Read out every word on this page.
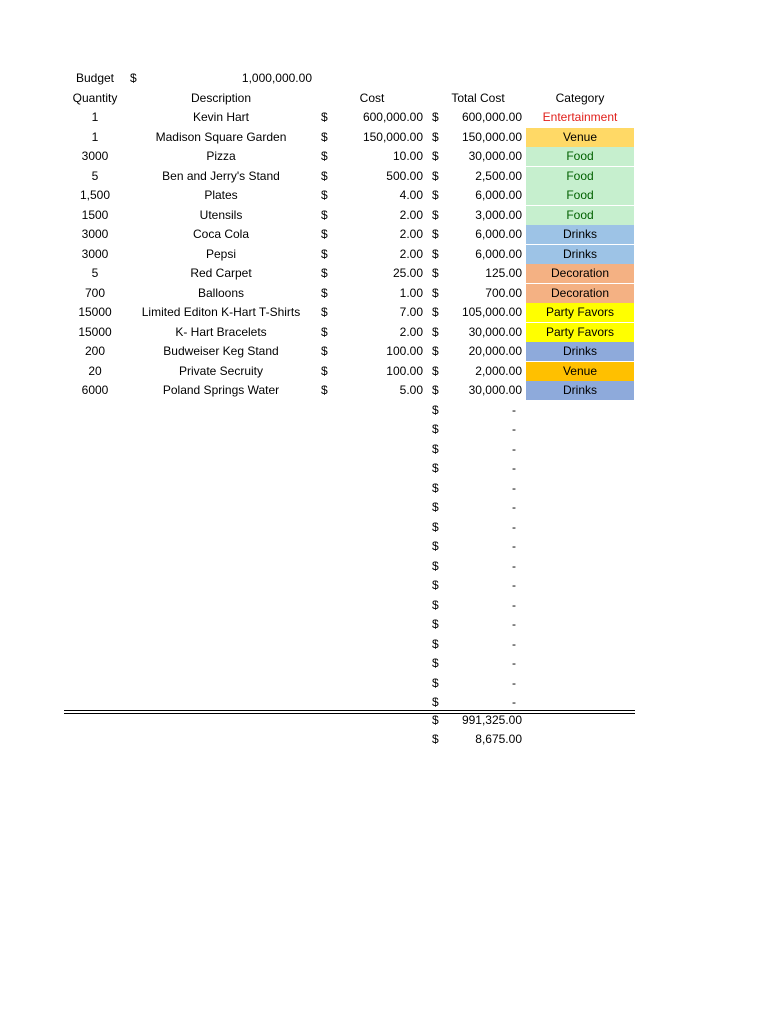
Budget	$	1,000,000.00
Quantity	Description	Cost	Total Cost	Category
1	Kevin Hart	$	600,000.00 $	600,000.00	Entertainment
1	Madison Square Garden	$	150,000.00 $	150,000.00	Venue
3000	Pizza	$	10.00 $	30,000.00	Food
5	Ben and Jerry's Stand	$	500.00 $	2,500.00	Food
1,500	Plates	$	4.00 $	6,000.00	Food
1500	Utensils	$	2.00 $	3,000.00	Food
3000	Coca Cola	$	2.00 $	6,000.00	Drinks
3000	Pepsi	$	2.00 $	6,000.00	Drinks
5	Red Carpet	$	25.00 $	125.00	Decoration
700	Balloons	$	1.00 $	700.00	Decoration
15000	Limited Editon K-Hart T-Shirts	$	7.00 $	105,000.00	Party Favors
15000	K- Hart Bracelets	$	2.00 $	30,000.00	Party Favors
200	Budweiser Keg Stand	$	100.00 $	20,000.00	Drinks
20	Private Secruity	$	100.00 $	2,000.00	Venue
6000	Poland Springs Water	$	5.00 $	30,000.00	Drinks
$	-
$	-
$	-
$	-
$	-
$	-
$	-
$	-
$	-
$	-
$	-
$	-
$	-
$	-
$	-
$	-
$	991,325.00
$	8,675.00
